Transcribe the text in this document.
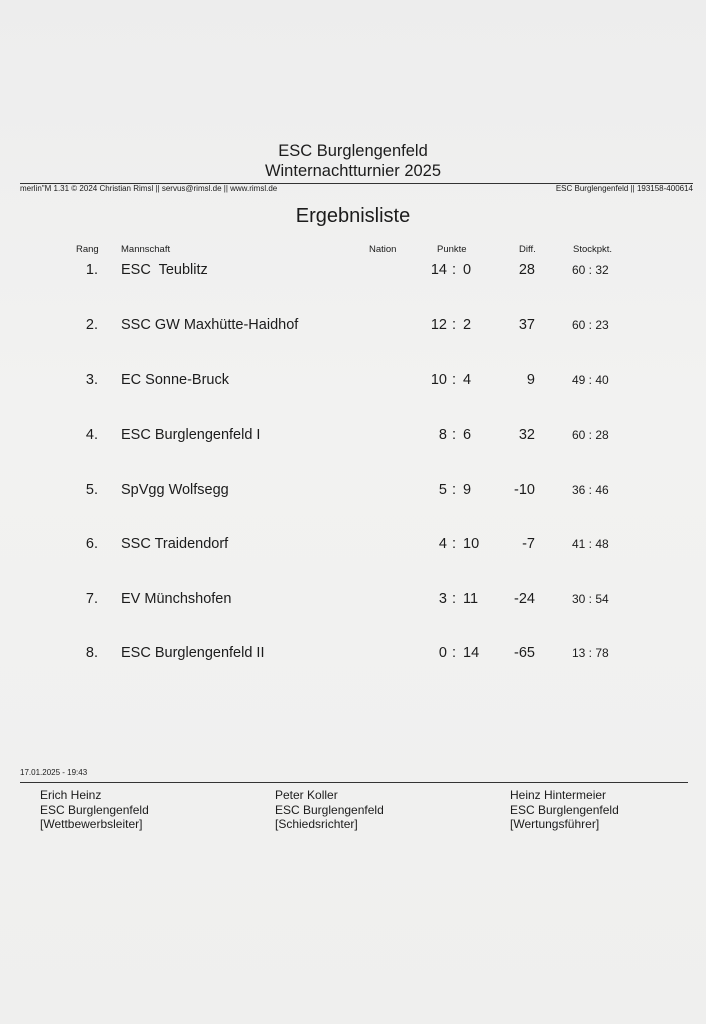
ESC Burglengenfeld
Winternachtturnier 2025
merlin"M 1.31 © 2024 Christian Rimsl || servus@rimsl.de || www.rimsl.de	ESC Burglengenfeld || 193158-400614
Ergebnisliste
Rang Mannschaft	Nation	Punkte	Diff.	Stockpkt.
1. ESC  Teublitz	14 : 0	28	60 : 32
2. SSC GW Maxhütte-Haidhof	12 : 2	37	60 : 23
3. EC Sonne-Bruck	10 : 4	9	49 : 40
4. ESC Burglengenfeld I	8 : 6	32	60 : 28
5. SpVgg Wolfsegg	5 : 9	-10	36 : 46
6. SSC Traidendorf	4 : 10	-7	41 : 48
7. EV Münchshofen	3 : 11	-24	30 : 54
8. ESC Burglengenfeld II	0 : 14	-65	13 : 78
17.01.2025 - 19:43
Erich Heinz
ESC Burglengenfeld
[Wettbewerbsleiter]
Peter Koller
ESC Burglengenfeld
[Schiedsrichter]
Heinz Hintermeier
ESC Burglengenfeld
[Wertungsführer]
